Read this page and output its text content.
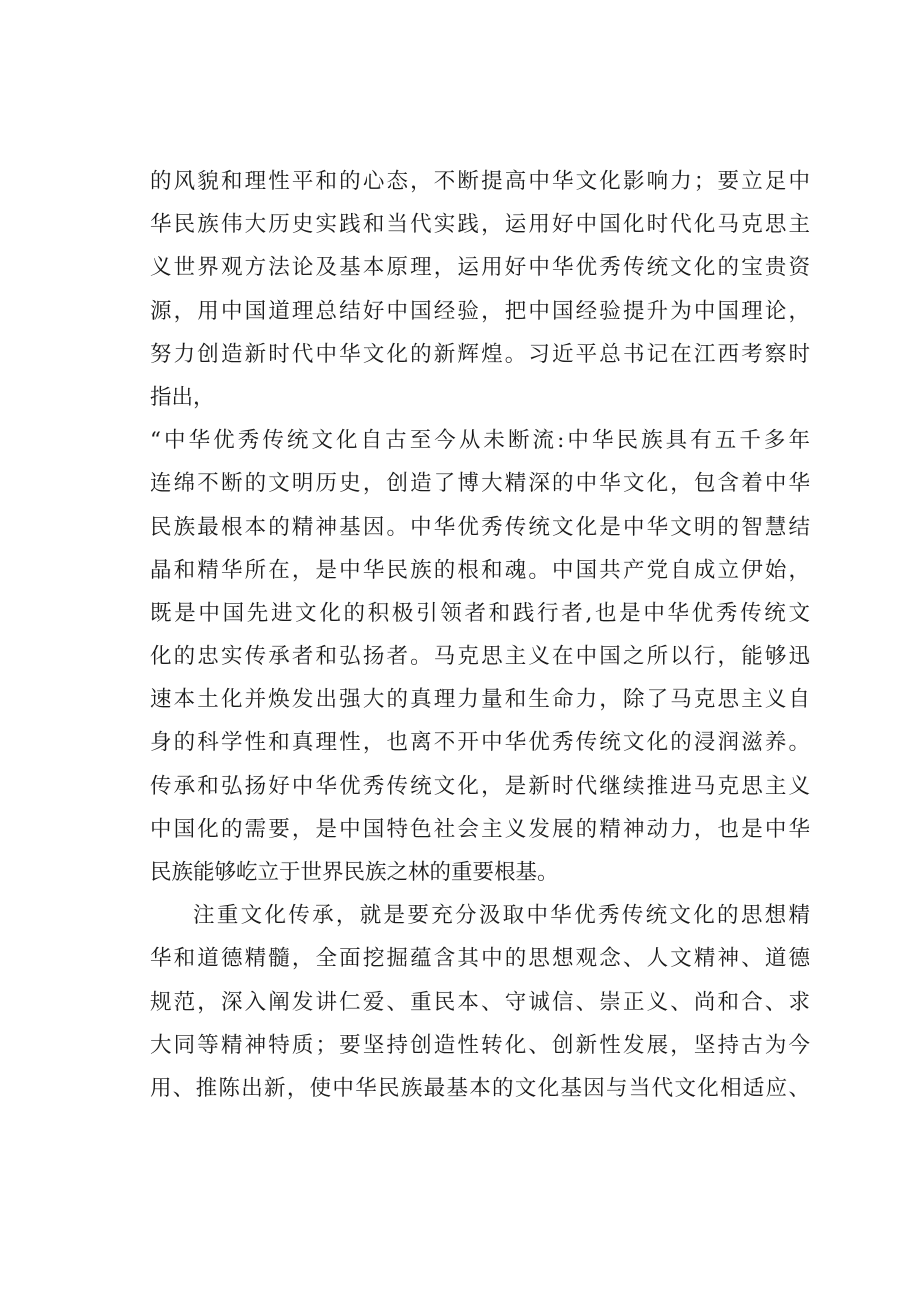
的风貌和理性平和的心态，不断提高中华文化影响力；要立足中
华民族伟大历史实践和当代实践，运用好中国化时代化马克思主
义世界观方法论及基本原理，运用好中华优秀传统文化的宝贵资
源，用中国道理总结好中国经验，把中国经验提升为中国理论，
努力创造新时代中华文化的新辉煌。习近平总书记在江西考察时
指出，
“中华优秀传统文化自古至今从未断流:中华民族具有五千多年
连绵不断的文明历史，创造了博大精深的中华文化，包含着中华
民族最根本的精神基因。中华优秀传统文化是中华文明的智慧结
晶和精华所在，是中华民族的根和魂。中国共产党自成立伊始，
既是中国先进文化的积极引领者和践行者,也是中华优秀传统文
化的忠实传承者和弘扬者。马克思主义在中国之所以行，能够迅
速本土化并焕发出强大的真理力量和生命力，除了马克思主义自
身的科学性和真理性，也离不开中华优秀传统文化的浸润滋养。
传承和弘扬好中华优秀传统文化，是新时代继续推进马克思主义
中国化的需要，是中国特色社会主义发展的精神动力，也是中华
民族能够屹立于世界民族之林的重要根基。
注重文化传承，就是要充分汲取中华优秀传统文化的思想精
华和道德精髓，全面挖掘蕴含其中的思想观念、人文精神、道德
规范，深入阐发讲仁爱、重民本、守诚信、崇正义、尚和合、求
大同等精神特质；要坚持创造性转化、创新性发展，坚持古为今
用、推陈出新，使中华民族最基本的文化基因与当代文化相适应、
